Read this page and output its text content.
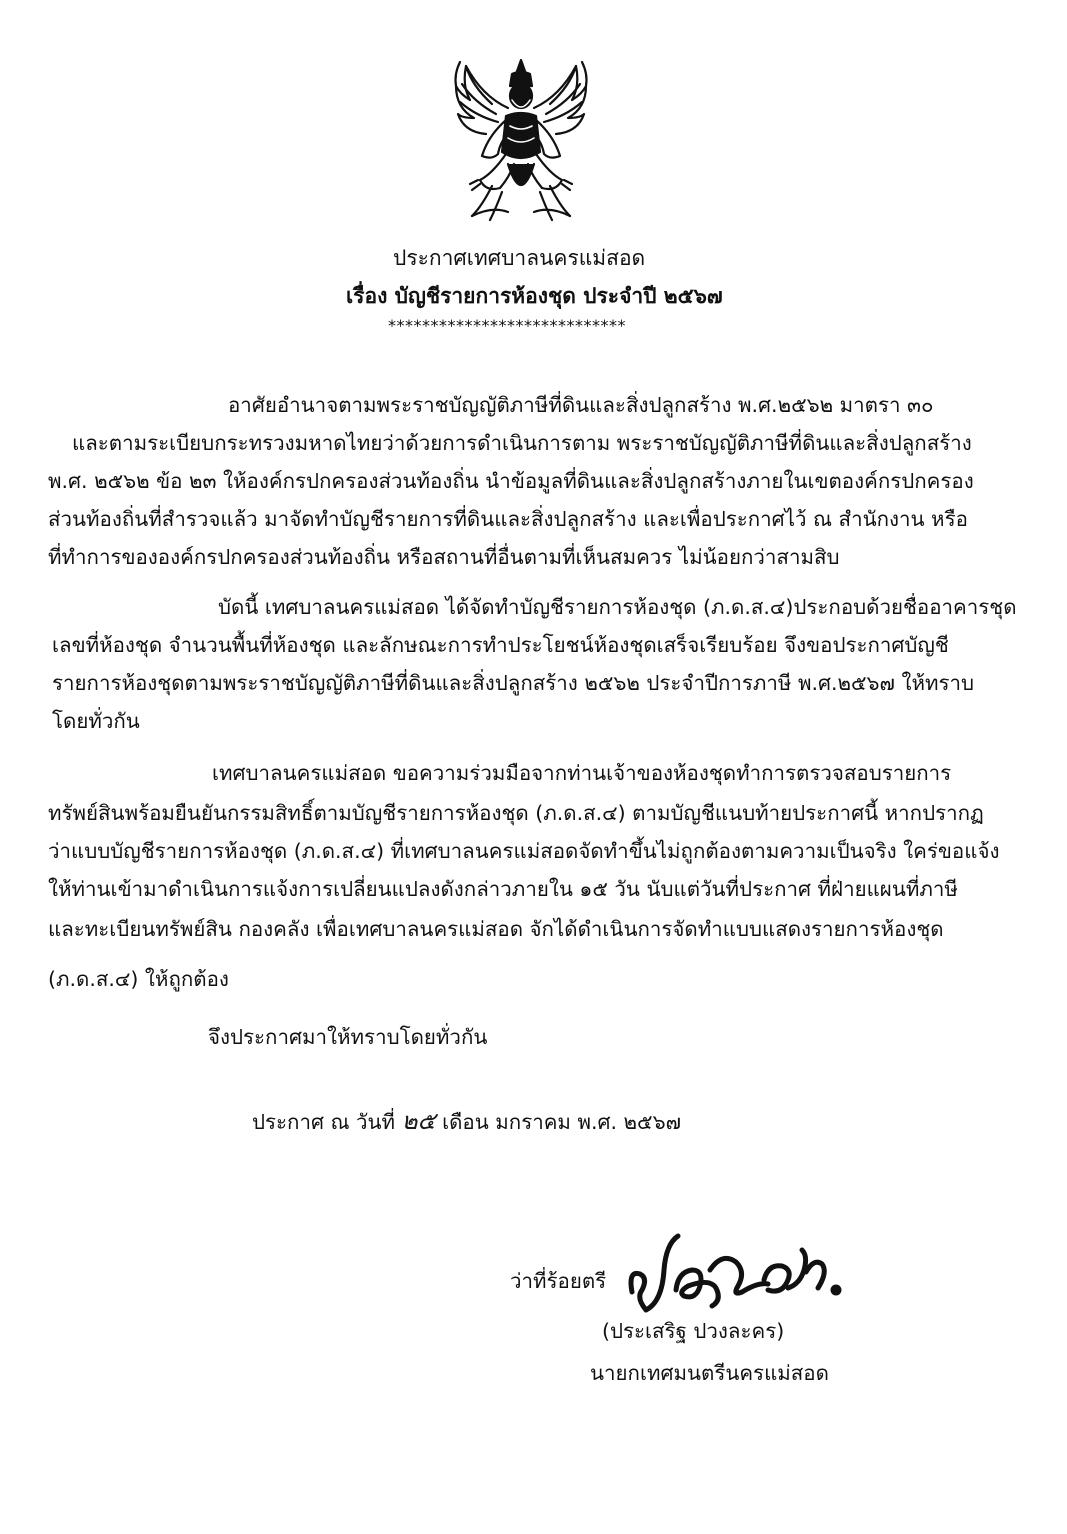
ประกาศเทศบาลนครแม่สอด
เรื่อง บัญชีรายการห้องชุด ประจำปี ๒๕๖๗
****************************
อาศัยอำนาจตามพระราชบัญญัติภาษีที่ดินและสิ่งปลูกสร้าง พ.ศ.๒๕๖๒ มาตรา ๓๐
และตามระเบียบกระทรวงมหาดไทยว่าด้วยการดำเนินการตาม พระราชบัญญัติภาษีที่ดินและสิ่งปลูกสร้าง
พ.ศ. ๒๕๖๒ ข้อ ๒๓ ให้องค์กรปกครองส่วนท้องถิ่น นำข้อมูลที่ดินและสิ่งปลูกสร้างภายในเขตองค์กรปกครอง
ส่วนท้องถิ่นที่สำรวจแล้ว มาจัดทำบัญชีรายการที่ดินและสิ่งปลูกสร้าง และเพื่อประกาศไว้ ณ สำนักงาน หรือ
ที่ทำการขององค์กรปกครองส่วนท้องถิ่น หรือสถานที่อื่นตามที่เห็นสมควร ไม่น้อยกว่าสามสิบ
บัดนี้ เทศบาลนครแม่สอด ได้จัดทำบัญชีรายการห้องชุด (ภ.ด.ส.๔)ประกอบด้วยชื่ออาคารชุด
เลขที่ห้องชุด จำนวนพื้นที่ห้องชุด และลักษณะการทำประโยชน์ห้องชุดเสร็จเรียบร้อย จึงขอประกาศบัญชี
รายการห้องชุดตามพระราชบัญญัติภาษีที่ดินและสิ่งปลูกสร้าง ๒๕๖๒ ประจำปีการภาษี พ.ศ.๒๕๖๗ ให้ทราบ
โดยทั่วกัน
เทศบาลนครแม่สอด ขอความร่วมมือจากท่านเจ้าของห้องชุดทำการตรวจสอบรายการ
ทรัพย์สินพร้อมยืนยันกรรมสิทธิ์ตามบัญชีรายการห้องชุด (ภ.ด.ส.๔) ตามบัญชีแนบท้ายประกาศนี้ หากปรากฏ
ว่าแบบบัญชีรายการห้องชุด (ภ.ด.ส.๔) ที่เทศบาลนครแม่สอดจัดทำขึ้นไม่ถูกต้องตามความเป็นจริง ใคร่ขอแจ้ง
ให้ท่านเข้ามาดำเนินการแจ้งการเปลี่ยนแปลงดังกล่าวภายใน ๑๕ วัน นับแต่วันที่ประกาศ ที่ฝ่ายแผนที่ภาษี
และทะเบียนทรัพย์สิน กองคลัง เพื่อเทศบาลนครแม่สอด จักได้ดำเนินการจัดทำแบบแสดงรายการห้องชุด
(ภ.ด.ส.๔) ให้ถูกต้อง
จึงประกาศมาให้ทราบโดยทั่วกัน
ประกาศ ณ วันที่ ๒๕ เดือน มกราคม พ.ศ. ๒๕๖๗
ว่าที่ร้อยตรี
(ประเสริฐ ปวงละคร)
นายกเทศมนตรีนครแม่สอด
